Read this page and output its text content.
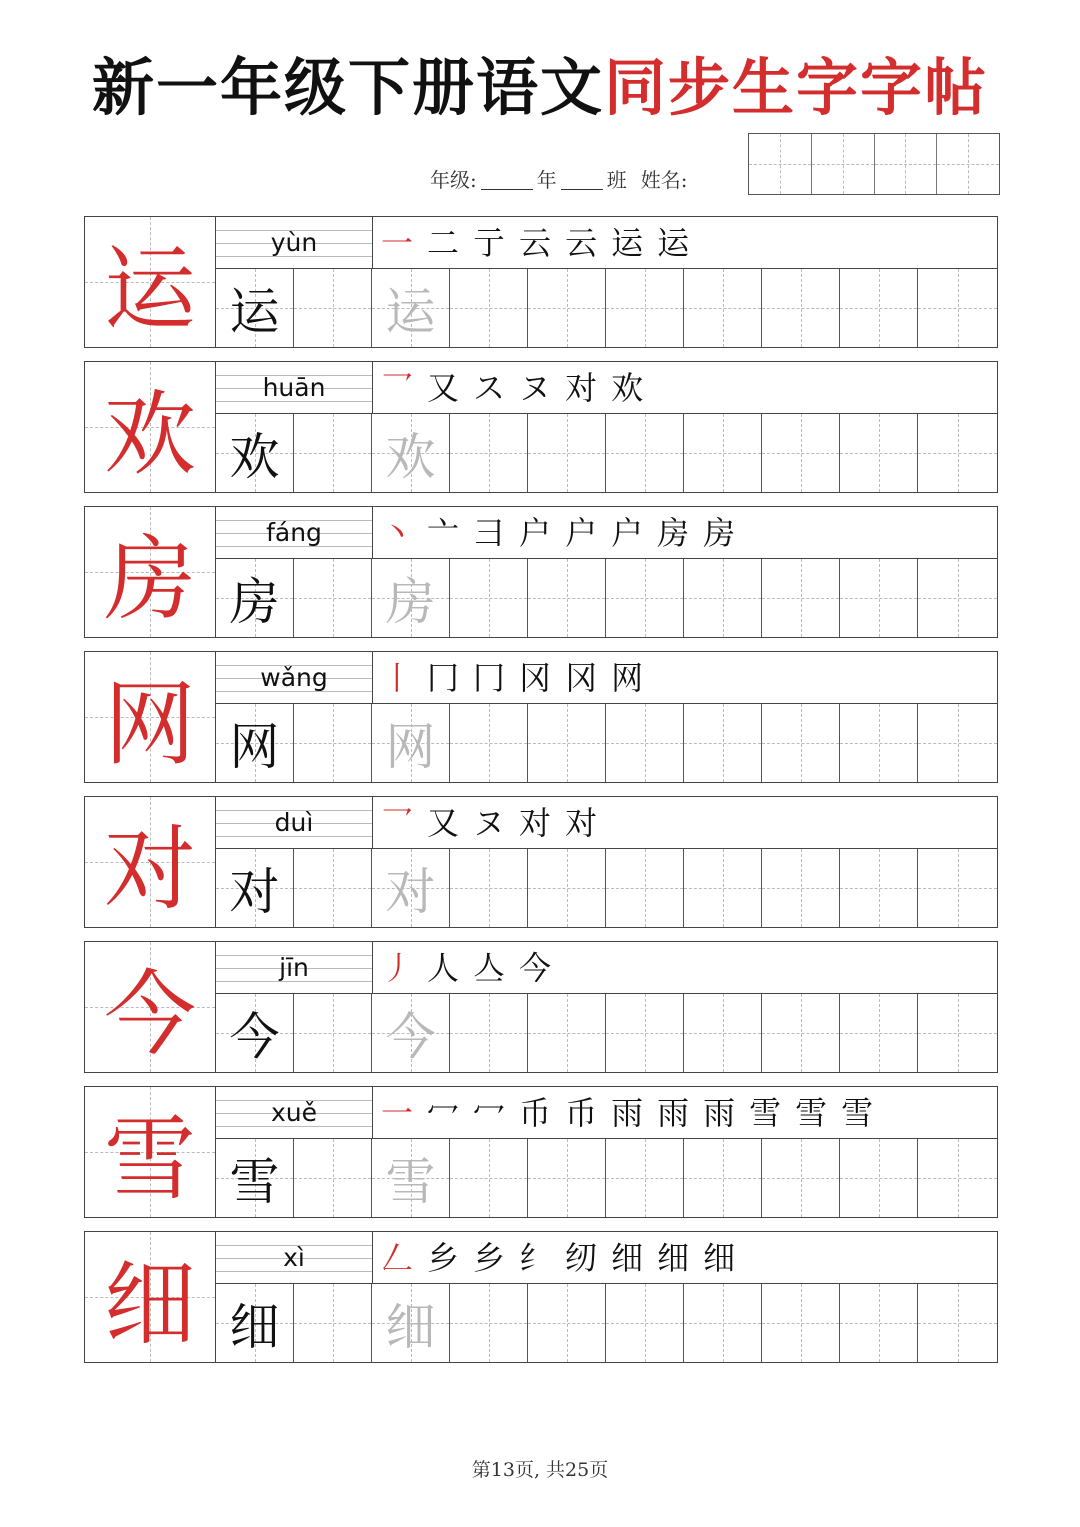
新一年级下册语文同步生字字帖
年级:	年	班 姓名:
运	yùn	一 二 亍 云 云 运 运
运 运
欢	huān	乛 又 ス ヌ 对 欢
欢 欢
房	fáng	丶 亠 彐 户 户 户 房 房
房 房
网	wǎng	丨 冂 冂 冈 冈 网
网 网
对	duì	乛 又 ヌ 对 对
对 对
今	jīn	丿 人 亼 今
今 今
雪	xuě	一 冖 冖 币 币 雨 雨 雨 雪 雪 雪
雪 雪
细	xì	𠃋 乡 乡 纟 纫 细 细 细
细 细
第13页, 共25页
